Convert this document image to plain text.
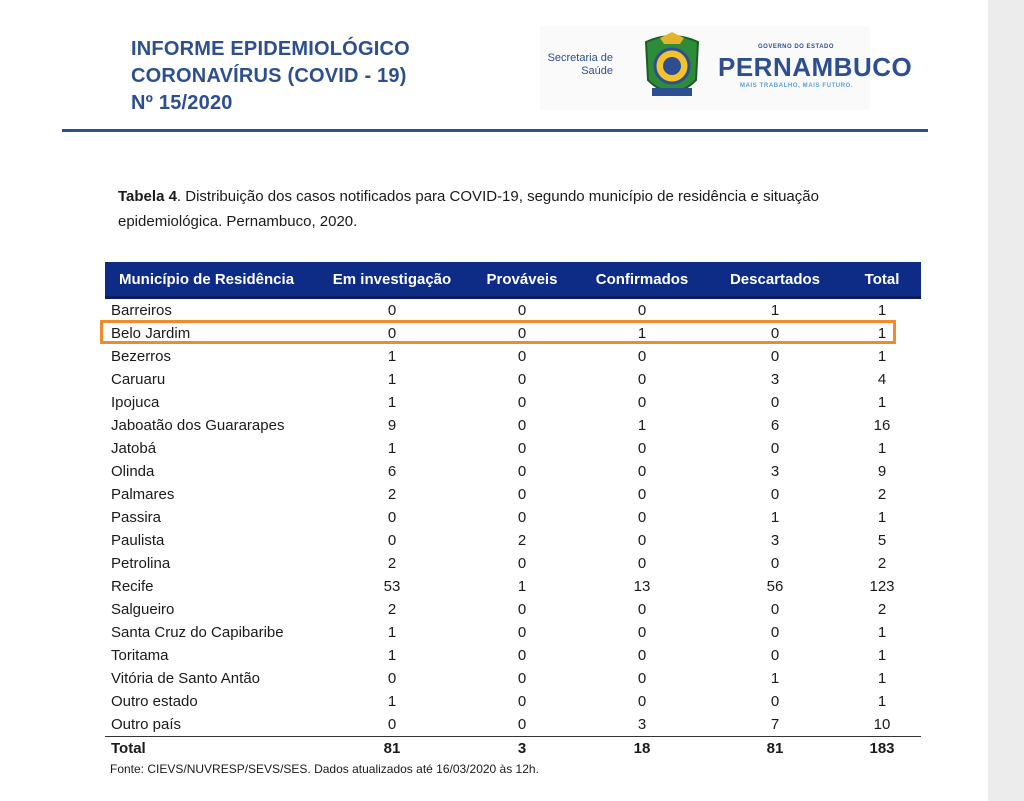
INFORME EPIDEMIOLÓGICO
CORONAVÍRUS (COVID - 19)
Nº 15/2020
Secretaria de
Saúde
GOVERNO DO ESTADO
PERNAMBUCO
MAIS TRABALHO, MAIS FUTURO.
Tabela 4. Distribuição dos casos notificados para COVID-19, segundo município de residência e situação epidemiológica. Pernambuco, 2020.
Município de Residência	Em investigação	Prováveis	Confirmados	Descartados	Total
Barreiros	0	0	0	1	1
Belo Jardim	0	0	1	0	1
Bezerros	1	0	0	0	1
Caruaru	1	0	0	3	4
Ipojuca	1	0	0	0	1
Jaboatão dos Guararapes	9	0	1	6	16
Jatobá	1	0	0	0	1
Olinda	6	0	0	3	9
Palmares	2	0	0	0	2
Passira	0	0	0	1	1
Paulista	0	2	0	3	5
Petrolina	2	0	0	0	2
Recife	53	1	13	56	123
Salgueiro	2	0	0	0	2
Santa Cruz do Capibaribe	1	0	0	0	1
Toritama	1	0	0	0	1
Vitória de Santo Antão	0	0	0	1	1
Outro estado	1	0	0	0	1
Outro país	0	0	3	7	10
Total	81	3	18	81	183
Fonte: CIEVS/NUVRESP/SEVS/SES. Dados atualizados até 16/03/2020 às 12h.
